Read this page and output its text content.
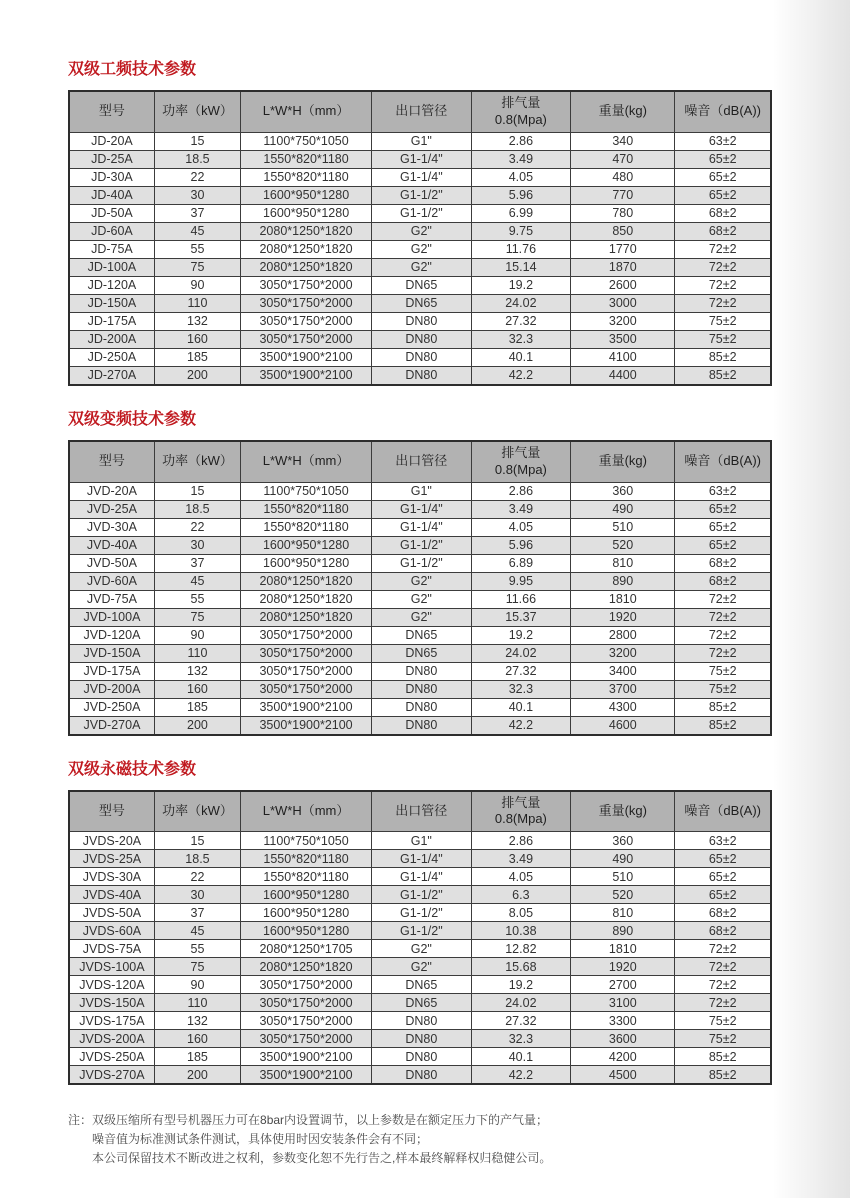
双级工频技术参数
型号	功率（kW）	L*W*H（mm）	出口管径	排气量
0.8(Mpa)	重量(kg)	噪音（dB(A))
JD-20A	15	1100*750*1050	G1"	2.86	340	63±2
JD-25A	18.5	1550*820*1180	G1-1/4"	3.49	470	65±2
JD-30A	22	1550*820*1180	G1-1/4"	4.05	480	65±2
JD-40A	30	1600*950*1280	G1-1/2"	5.96	770	65±2
JD-50A	37	1600*950*1280	G1-1/2"	6.99	780	68±2
JD-60A	45	2080*1250*1820	G2"	9.75	850	68±2
JD-75A	55	2080*1250*1820	G2"	11.76	1770	72±2
JD-100A	75	2080*1250*1820	G2"	15.14	1870	72±2
JD-120A	90	3050*1750*2000	DN65	19.2	2600	72±2
JD-150A	110	3050*1750*2000	DN65	24.02	3000	72±2
JD-175A	132	3050*1750*2000	DN80	27.32	3200	75±2
JD-200A	160	3050*1750*2000	DN80	32.3	3500	75±2
JD-250A	185	3500*1900*2100	DN80	40.1	4100	85±2
JD-270A	200	3500*1900*2100	DN80	42.2	4400	85±2
双级变频技术参数
型号	功率（kW）	L*W*H（mm）	出口管径	排气量
0.8(Mpa)	重量(kg)	噪音（dB(A))
JVD-20A	15	1100*750*1050	G1"	2.86	360	63±2
JVD-25A	18.5	1550*820*1180	G1-1/4"	3.49	490	65±2
JVD-30A	22	1550*820*1180	G1-1/4"	4.05	510	65±2
JVD-40A	30	1600*950*1280	G1-1/2"	5.96	520	65±2
JVD-50A	37	1600*950*1280	G1-1/2"	6.89	810	68±2
JVD-60A	45	2080*1250*1820	G2"	9.95	890	68±2
JVD-75A	55	2080*1250*1820	G2"	11.66	1810	72±2
JVD-100A	75	2080*1250*1820	G2"	15.37	1920	72±2
JVD-120A	90	3050*1750*2000	DN65	19.2	2800	72±2
JVD-150A	110	3050*1750*2000	DN65	24.02	3200	72±2
JVD-175A	132	3050*1750*2000	DN80	27.32	3400	75±2
JVD-200A	160	3050*1750*2000	DN80	32.3	3700	75±2
JVD-250A	185	3500*1900*2100	DN80	40.1	4300	85±2
JVD-270A	200	3500*1900*2100	DN80	42.2	4600	85±2
双级永磁技术参数
型号	功率（kW）	L*W*H（mm）	出口管径	排气量
0.8(Mpa)	重量(kg)	噪音（dB(A))
JVDS-20A	15	1100*750*1050	G1"	2.86	360	63±2
JVDS-25A	18.5	1550*820*1180	G1-1/4"	3.49	490	65±2
JVDS-30A	22	1550*820*1180	G1-1/4"	4.05	510	65±2
JVDS-40A	30	1600*950*1280	G1-1/2"	6.3	520	65±2
JVDS-50A	37	1600*950*1280	G1-1/2"	8.05	810	68±2
JVDS-60A	45	1600*950*1280	G1-1/2"	10.38	890	68±2
JVDS-75A	55	2080*1250*1705	G2"	12.82	1810	72±2
JVDS-100A	75	2080*1250*1820	G2"	15.68	1920	72±2
JVDS-120A	90	3050*1750*2000	DN65	19.2	2700	72±2
JVDS-150A	110	3050*1750*2000	DN65	24.02	3100	72±2
JVDS-175A	132	3050*1750*2000	DN80	27.32	3300	75±2
JVDS-200A	160	3050*1750*2000	DN80	32.3	3600	75±2
JVDS-250A	185	3500*1900*2100	DN80	40.1	4200	85±2
JVDS-270A	200	3500*1900*2100	DN80	42.2	4500	85±2
注： 双级压缩所有型号机器压力可在8bar内设置调节，以上参数是在额定压力下的产气量；
噪音值为标准测试条件测试，具体使用时因安装条件会有不同；
本公司保留技术不断改进之权利，参数变化恕不先行告之,样本最终解释权归稳健公司。
